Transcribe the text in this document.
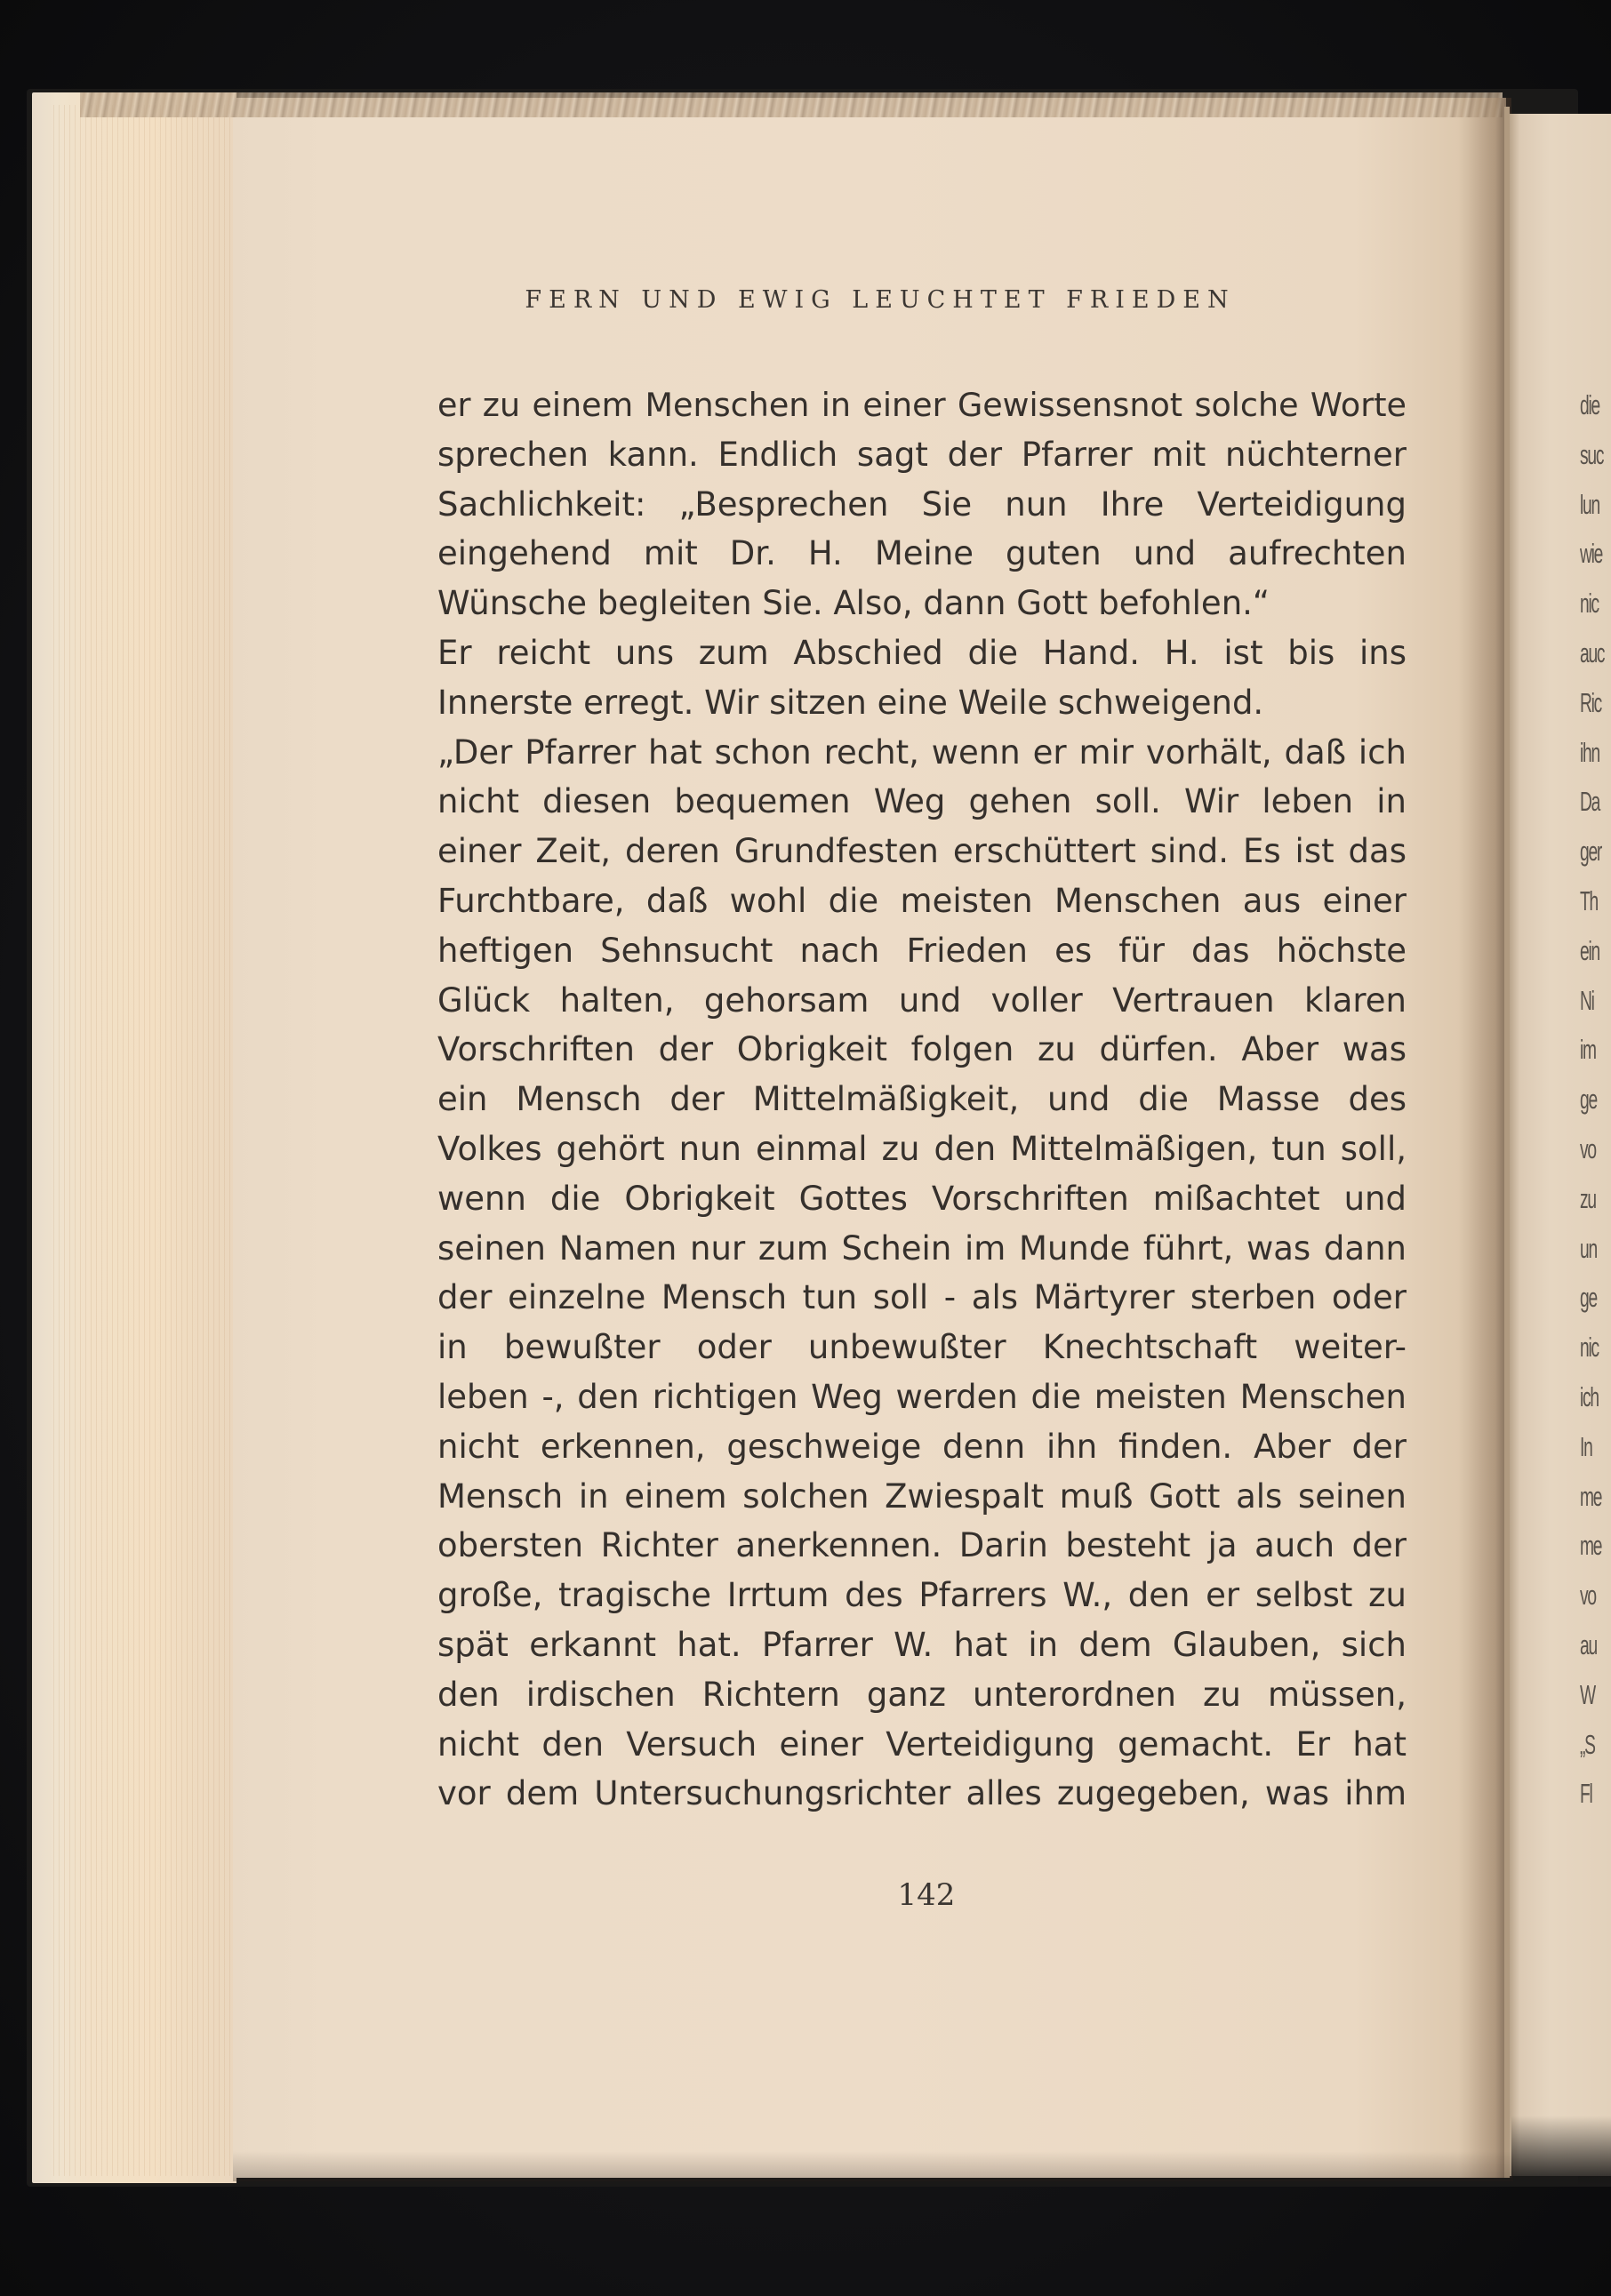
FERN UND EWIG LEUCHTET FRIEDEN
er zu einem Menschen in einer Gewissensnot solche Worte
sprechen kann. Endlich sagt der Pfarrer mit nüchterner
Sachlichkeit: „Besprechen Sie nun Ihre Verteidigung
eingehend mit Dr. H. Meine guten und aufrechten
Wünsche begleiten Sie. Also, dann Gott befohlen.“
Er reicht uns zum Abschied die Hand. H. ist bis ins
Innerste erregt. Wir sitzen eine Weile schweigend.
„Der Pfarrer hat schon recht, wenn er mir vorhält, daß ich
nicht diesen bequemen Weg gehen soll. Wir leben in
einer Zeit, deren Grundfesten erschüttert sind. Es ist das
Furchtbare, daß wohl die meisten Menschen aus einer
heftigen Sehnsucht nach Frieden es für das höchste
Glück halten, gehorsam und voller Vertrauen klaren
Vorschriften der Obrigkeit folgen zu dürfen. Aber was
ein Mensch der Mittelmäßigkeit, und die Masse des
Volkes gehört nun einmal zu den Mittelmäßigen, tun soll,
wenn die Obrigkeit Gottes Vorschriften mißachtet und
seinen Namen nur zum Schein im Munde führt, was dann
der einzelne Mensch tun soll - als Märtyrer sterben oder
in bewußter oder unbewußter Knechtschaft weiter-
leben -, den richtigen Weg werden die meisten Menschen
nicht erkennen, geschweige denn ihn finden. Aber der
Mensch in einem solchen Zwiespalt muß Gott als seinen
obersten Richter anerkennen. Darin besteht ja auch der
große, tragische Irrtum des Pfarrers W., den er selbst zu
spät erkannt hat. Pfarrer W. hat in dem Glauben, sich
den irdischen Richtern ganz unterordnen zu müssen,
nicht den Versuch einer Verteidigung gemacht. Er hat
vor dem Untersuchungsrichter alles zugegeben, was ihm
142
die
suc
lun
wie
nic
auc
Ric
ihn
Da
ger
Th
ein
Ni
im
ge
vo
zu
un
ge
nic
ich
In
me
me
vo
au
W
„S
Fl
